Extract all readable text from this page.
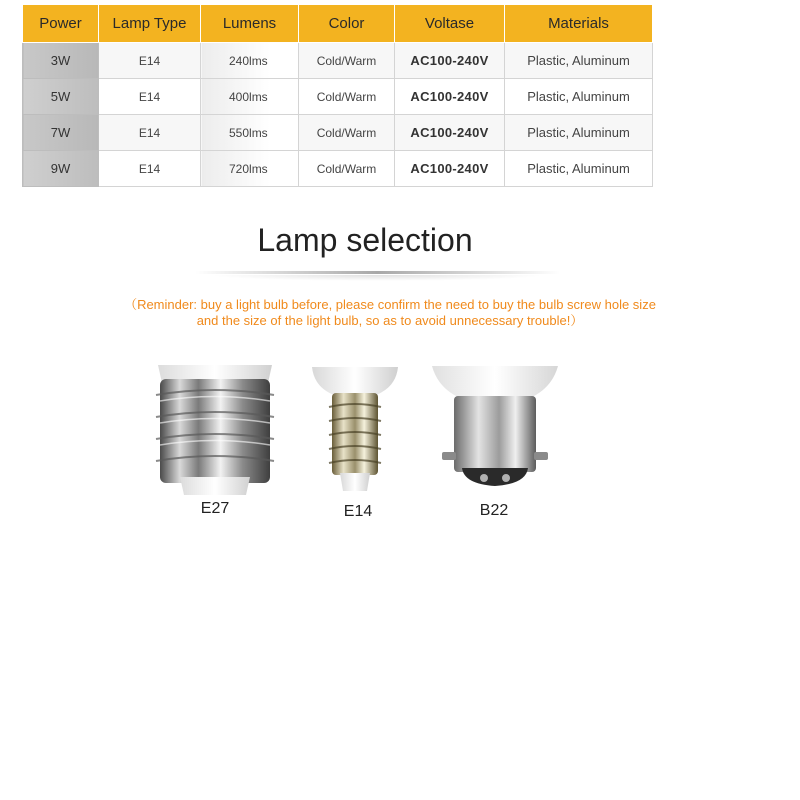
Power	Lamp Type	Lumens	Color	Voltase	Materials
3W	E14	240lms	Cold/Warm	AC100-240V	Plastic, Aluminum
5W	E14	400lms	Cold/Warm	AC100-240V	Plastic, Aluminum
7W	E14	550lms	Cold/Warm	AC100-240V	Plastic, Aluminum
9W	E14	720lms	Cold/Warm	AC100-240V	Plastic, Aluminum
Lamp selection
（Reminder: buy a light bulb before, please confirm the need to buy the bulb screw hole size and the size of the light bulb, so as to avoid unnecessary trouble!）
E27	E14	B22
